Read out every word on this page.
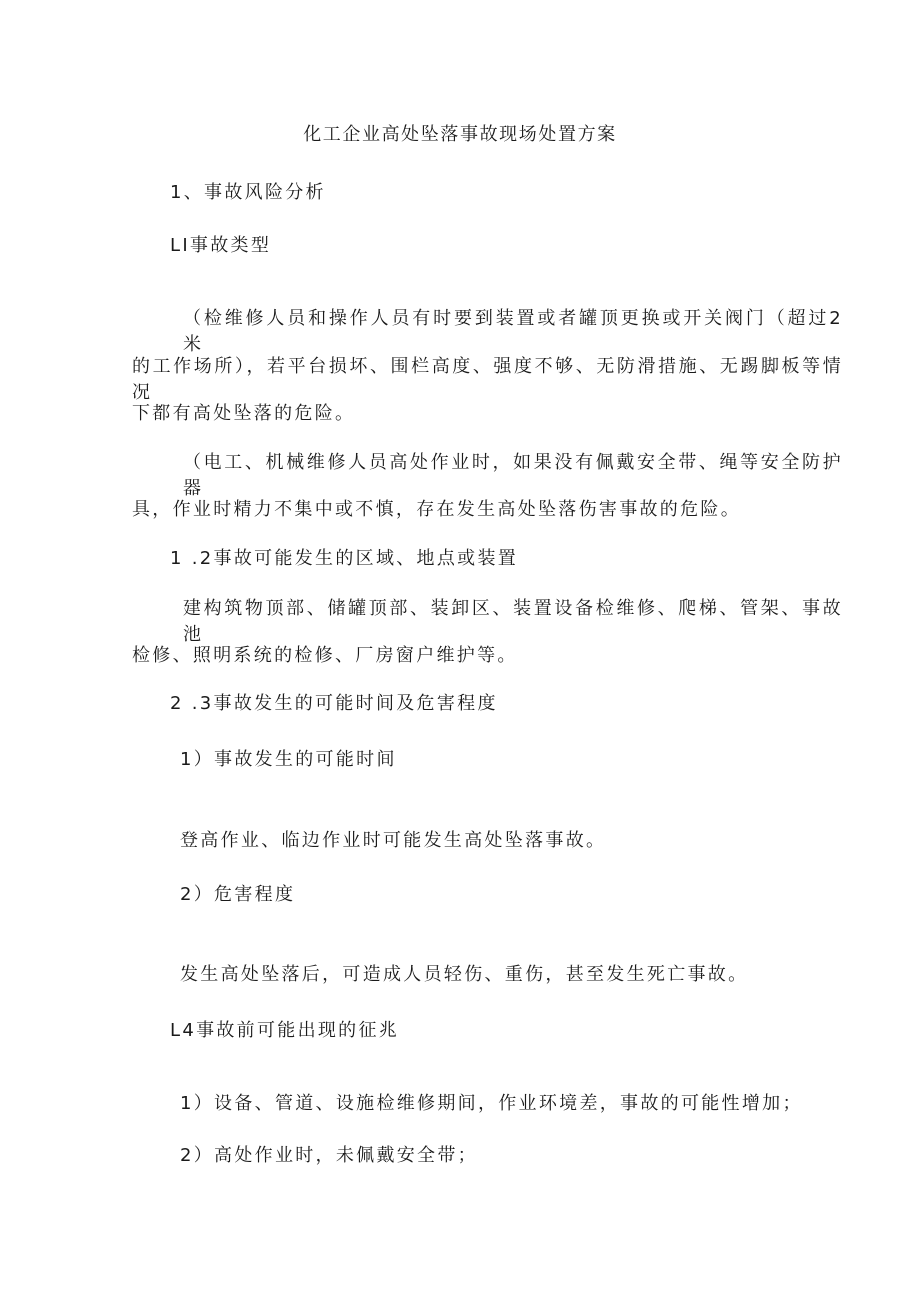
化工企业高处坠落事故现场处置方案
1、事故风险分析
LI事故类型
（检维修人员和操作人员有时要到装置或者罐顶更换或开关阀门（超过2米
的工作场所），若平台损坏、围栏高度、强度不够、无防滑措施、无踢脚板等情况
下都有高处坠落的危险。
（电工、机械维修人员高处作业时，如果没有佩戴安全带、绳等安全防护器
具，作业时精力不集中或不慎，存在发生高处坠落伤害事故的危险。
1 .2事故可能发生的区域、地点或装置
建构筑物顶部、储罐顶部、装卸区、装置设备检维修、爬梯、管架、事故池
检修、照明系统的检修、厂房窗户维护等。
2 .3事故发生的可能时间及危害程度
1）事故发生的可能时间
登高作业、临边作业时可能发生高处坠落事故。
2）危害程度
发生高处坠落后，可造成人员轻伤、重伤，甚至发生死亡事故。
L4事故前可能出现的征兆
1）设备、管道、设施检维修期间，作业环境差，事故的可能性增加；
2）高处作业时，未佩戴安全带；
